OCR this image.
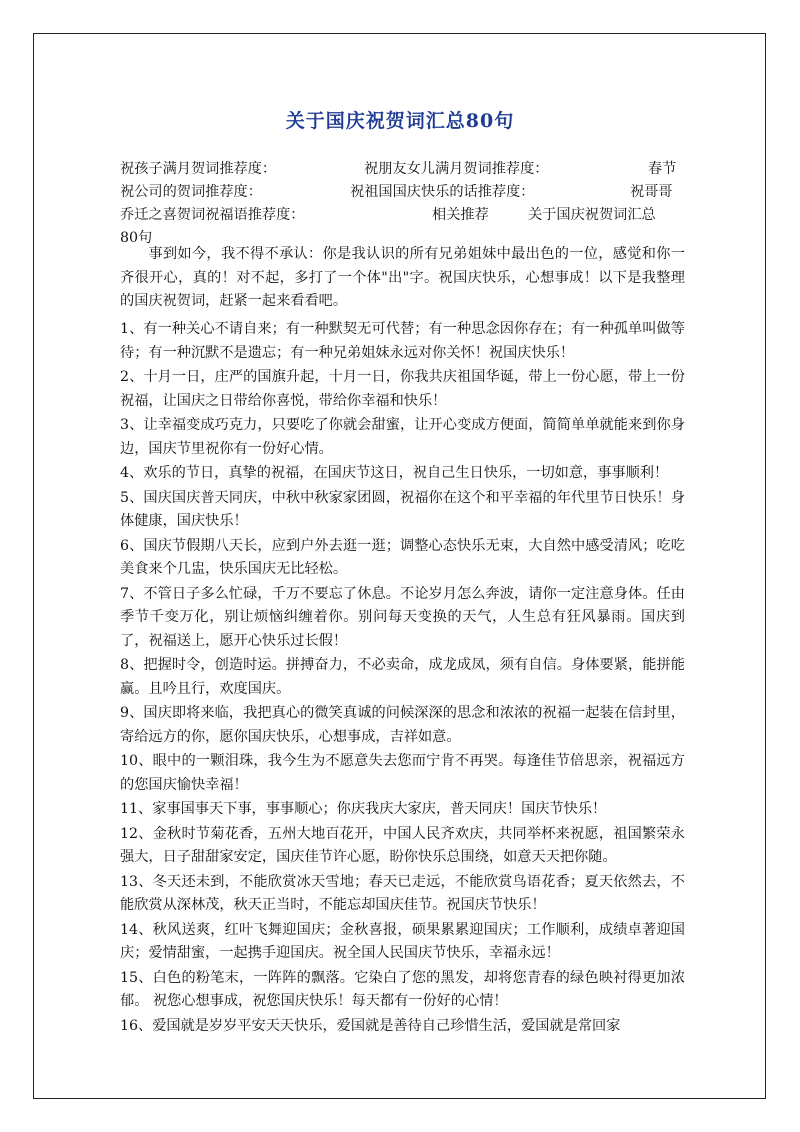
关于国庆祝贺词汇总80句
祝孩子满月贺词推荐度：	祝朋友女儿满月贺词推荐度：	春节
祝公司的贺词推荐度：	祝祖国国庆快乐的话推荐度：	祝哥哥
乔迁之喜贺词祝福语推荐度：	相关推荐	关于国庆祝贺词汇总
80句

事到如今，我不得不承认：你是我认识的所有兄弟姐妹中最出色的一位，感觉和你一齐很开心，真的！对不起，多打了一个体"出"字。祝国庆快乐，心想事成！以下是我整理的国庆祝贺词，赶紧一起来看看吧。

1、有一种关心不请自来；有一种默契无可代替；有一种思念因你存在；有一种孤单叫做等待；有一种沉默不是遗忘；有一种兄弟姐妹永远对你关怀！祝国庆快乐！

2、十月一日，庄严的国旗升起，十月一日，你我共庆祖国华诞，带上一份心愿，带上一份祝福，让国庆之日带给你喜悦，带给你幸福和快乐！

3、让幸福变成巧克力，只要吃了你就会甜蜜，让开心变成方便面，简简单单就能来到你身边，国庆节里祝你有一份好心情。

4、欢乐的节日，真挚的祝福，在国庆节这日，祝自己生日快乐，一切如意，事事顺利！

5、国庆国庆普天同庆，中秋中秋家家团圆，祝福你在这个和平幸福的年代里节日快乐！身体健康，国庆快乐！

6、国庆节假期八天长，应到户外去逛一逛；调整心态快乐无束，大自然中感受清风；吃吃美食来个几盅，快乐国庆无比轻松。

7、不管日子多么忙碌，千万不要忘了休息。不论岁月怎么奔波，请你一定注意身体。任由季节千变万化，别让烦恼纠缠着你。别问每天变换的天气，人生总有狂风暴雨。国庆到了，祝福送上，愿开心快乐过长假！

8、把握时令，创造时运。拼搏奋力，不必卖命，成龙成凤，须有自信。身体要紧，能拼能赢。且吟且行，欢度国庆。

9、国庆即将来临，我把真心的微笑真诚的问候深深的思念和浓浓的祝福一起装在信封里，寄给远方的你，愿你国庆快乐，心想事成，吉祥如意。

10、眼中的一颗泪珠，我今生为不愿意失去您而宁肯不再哭。每逢佳节倍思亲，祝福远方的您国庆愉快幸福！

11、家事国事天下事，事事顺心；你庆我庆大家庆，普天同庆！国庆节快乐！

12、金秋时节菊花香，五州大地百花开，中国人民齐欢庆，共同举杯来祝愿，祖国繁荣永强大，日子甜甜家安定，国庆佳节许心愿，盼你快乐总围绕，如意天天把你随。

13、冬天还未到，不能欣赏冰天雪地；春天已走远，不能欣赏鸟语花香；夏天依然去，不能欣赏从深林茂，秋天正当时，不能忘却国庆佳节。祝国庆节快乐！

14、秋风送爽，红叶飞舞迎国庆；金秋喜报，硕果累累迎国庆；工作顺利，成绩卓著迎国庆；爱情甜蜜，一起携手迎国庆。祝全国人民国庆节快乐，幸福永远！

15、白色的粉笔末，一阵阵的飘落。它染白了您的黑发，却将您青春的绿色映衬得更加浓郁。 祝您心想事成，祝您国庆快乐！每天都有一份好的心情！

16、爱国就是岁岁平安天天快乐，爱国就是善待自己珍惜生活，爱国就是常回家
